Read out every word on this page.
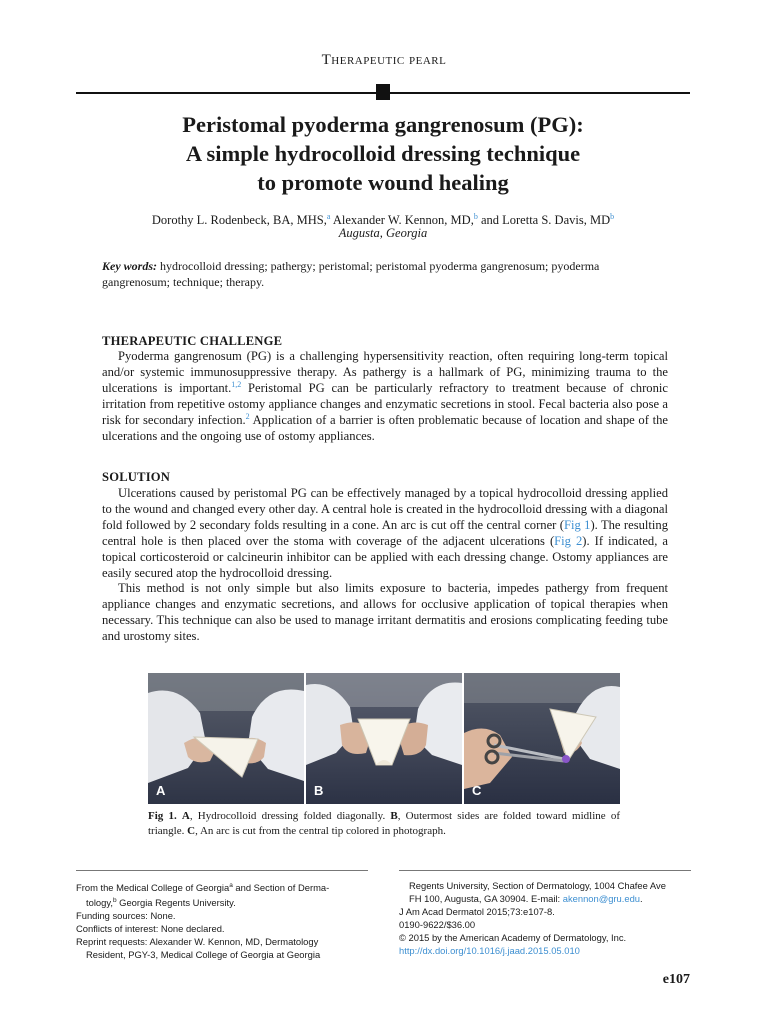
Therapeutic pearl
Peristomal pyoderma gangrenosum (PG):
A simple hydrocolloid dressing technique
to promote wound healing
Dorothy L. Rodenbeck, BA, MHS,$^a$ Alexander W. Kennon, MD,$^b$ and Loretta S. Davis, $MD^b$
Augusta, Georgia
Key words: hydrocolloid dressing; pathergy; peristomal; peristomal pyoderma gangrenosum; pyoderma gangrenosum; technique; therapy.
THERAPEUTIC CHALLENGE

Pyoderma gangrenosum (PG) is a challenging hypersensitivity reaction, often requiring long-term topical and/or systemic immunosuppressive therapy. As pathergy is a hallmark of PG, minimizing trauma to the ulcerations is important.$^{1,2}$ Peristomal PG can be particularly refractory to treatment because of chronic irritation from repetitive ostomy appliance changes and enzymatic secretions in stool. Fecal bacteria also pose a risk for secondary infection.$^2$ Application of a barrier is often problematic because of location and shape of the ulcerations and the ongoing use of ostomy appliances.

SOLUTION

Ulcerations caused by peristomal PG can be effectively managed by a topical hydrocolloid dressing applied to the wound and changed every other day. A central hole is created in the hydrocolloid dressing with a diagonal fold followed by 2 secondary folds resulting in a cone. An arc is cut off the central corner (Fig 1). The resulting central hole is then placed over the stoma with coverage of the adjacent ulcerations (Fig 2). If indicated, a topical corticosteroid or calcineurin inhibitor can be applied with each dressing change. Ostomy appliances are easily secured atop the hydrocolloid dressing.

This method is not only simple but also limits exposure to bacteria, impedes pathergy from frequent appliance changes and enzymatic secretions, and allows for occlusive application of topical therapies when necessary. This technique can also be used to manage irritant dermatitis and erosions complicating feeding tube and urostomy sites.

A	B	C
Fig 1. A, Hydrocolloid dressing folded diagonally. B, Outermost sides are folded toward midline of triangle. C, An arc is cut from the central tip colored in photograph.
From the Medical College of Georgia$^a$ and Section of Derma-
tology,$^b$ Georgia Regents University.
Funding sources: None.
Conflicts of interest: None declared.
Reprint requests: Alexander W. Kennon, MD, Dermatology
Resident, PGY-3, Medical College of Georgia at Georgia
Regents University, Section of Dermatology, 1004 Chafee Ave
FH 100, Augusta, GA 30904. E-mail: akennon@gru.edu.
J Am Acad Dermatol 2015;73:e107-8.
0190-9622/$36.00
© 2015 by the American Academy of Dermatology, Inc.
http://dx.doi.org/10.1016/j.jaad.2015.05.010
e107
